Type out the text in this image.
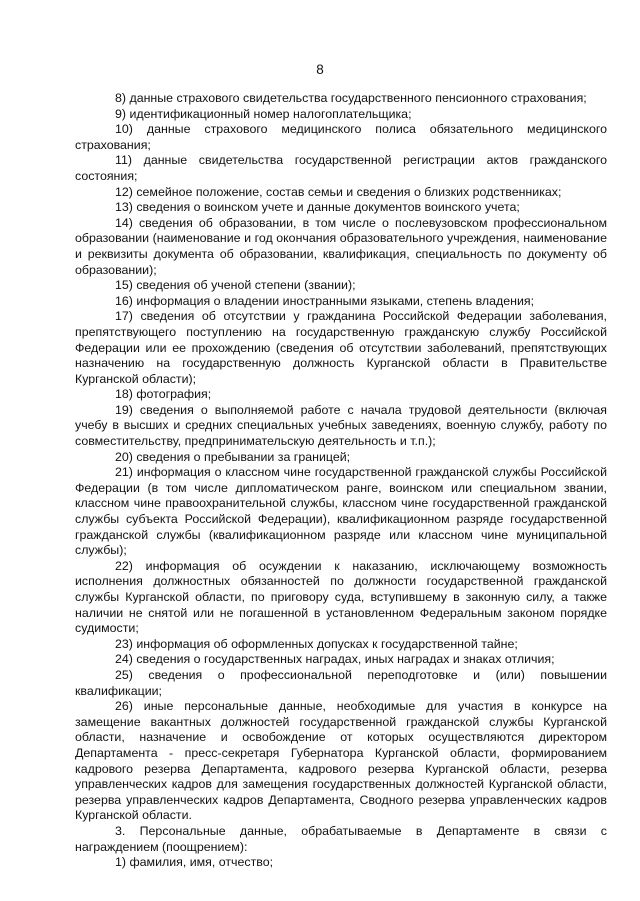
8

8) данные страхового свидетельства государственного пенсионного страхования;

9) идентификационный номер налогоплательщика;

10) данные страхового медицинского полиса обязательного медицинского страхования;

11) данные свидетельства государственной регистрации актов гражданского состояния;

12) семейное положение, состав семьи и сведения о близких родственниках;

13) сведения о воинском учете и данные документов воинского учета;

14) сведения об образовании, в том числе о послевузовском профессиональном образовании (наименование и год окончания образовательного учреждения, наименование и реквизиты документа об образовании, квалификация, специальность по документу об образовании);

15) сведения об ученой степени (звании);

16) информация о владении иностранными языками, степень владения;

17) сведения об отсутствии у гражданина Российской Федерации заболевания, препятствующего поступлению на государственную гражданскую службу Российской Федерации или ее прохождению (сведения об отсутствии заболеваний, препятствующих назначению на государственную должность Курганской области в Правительстве Курганской области);

18) фотография;

19) сведения о выполняемой работе с начала трудовой деятельности (включая учебу в высших и средних специальных учебных заведениях, военную службу, работу по совместительству, предпринимательскую деятельность и т.п.);

20) сведения о пребывании за границей;

21) информация о классном чине государственной гражданской службы Российской Федерации (в том числе дипломатическом ранге, воинском или специальном звании, классном чине правоохранительной службы, классном чине государственной гражданской службы субъекта Российской Федерации), квалификационном разряде государственной гражданской службы (квалификационном разряде или классном чине муниципальной службы);

22) информация об осуждении к наказанию, исключающему возможность исполнения должностных обязанностей по должности государственной гражданской службы Курганской области, по приговору суда, вступившему в законную силу, а также наличии не снятой или не погашенной в установленном Федеральным законом порядке судимости;

23) информация об оформленных допусках к государственной тайне;

24) сведения о государственных наградах, иных наградах и знаках отличия;

25) сведения о профессиональной переподготовке и (или) повышении квалификации;

26) иные персональные данные, необходимые для участия в конкурсе на замещение вакантных должностей государственной гражданской службы Курганской области, назначение и освобождение от которых осуществляются директором Департамента - пресс-секретаря Губернатора Курганской области, формированием кадрового резерва Департамента, кадрового резерва Курганской области, резерва управленческих кадров для замещения государственных должностей Курганской области, резерва управленческих кадров Департамента, Сводного резерва управленческих кадров Курганской области.

3. Персональные данные, обрабатываемые в Департаменте в связи с награждением (поощрением):

1) фамилия, имя, отчество;
